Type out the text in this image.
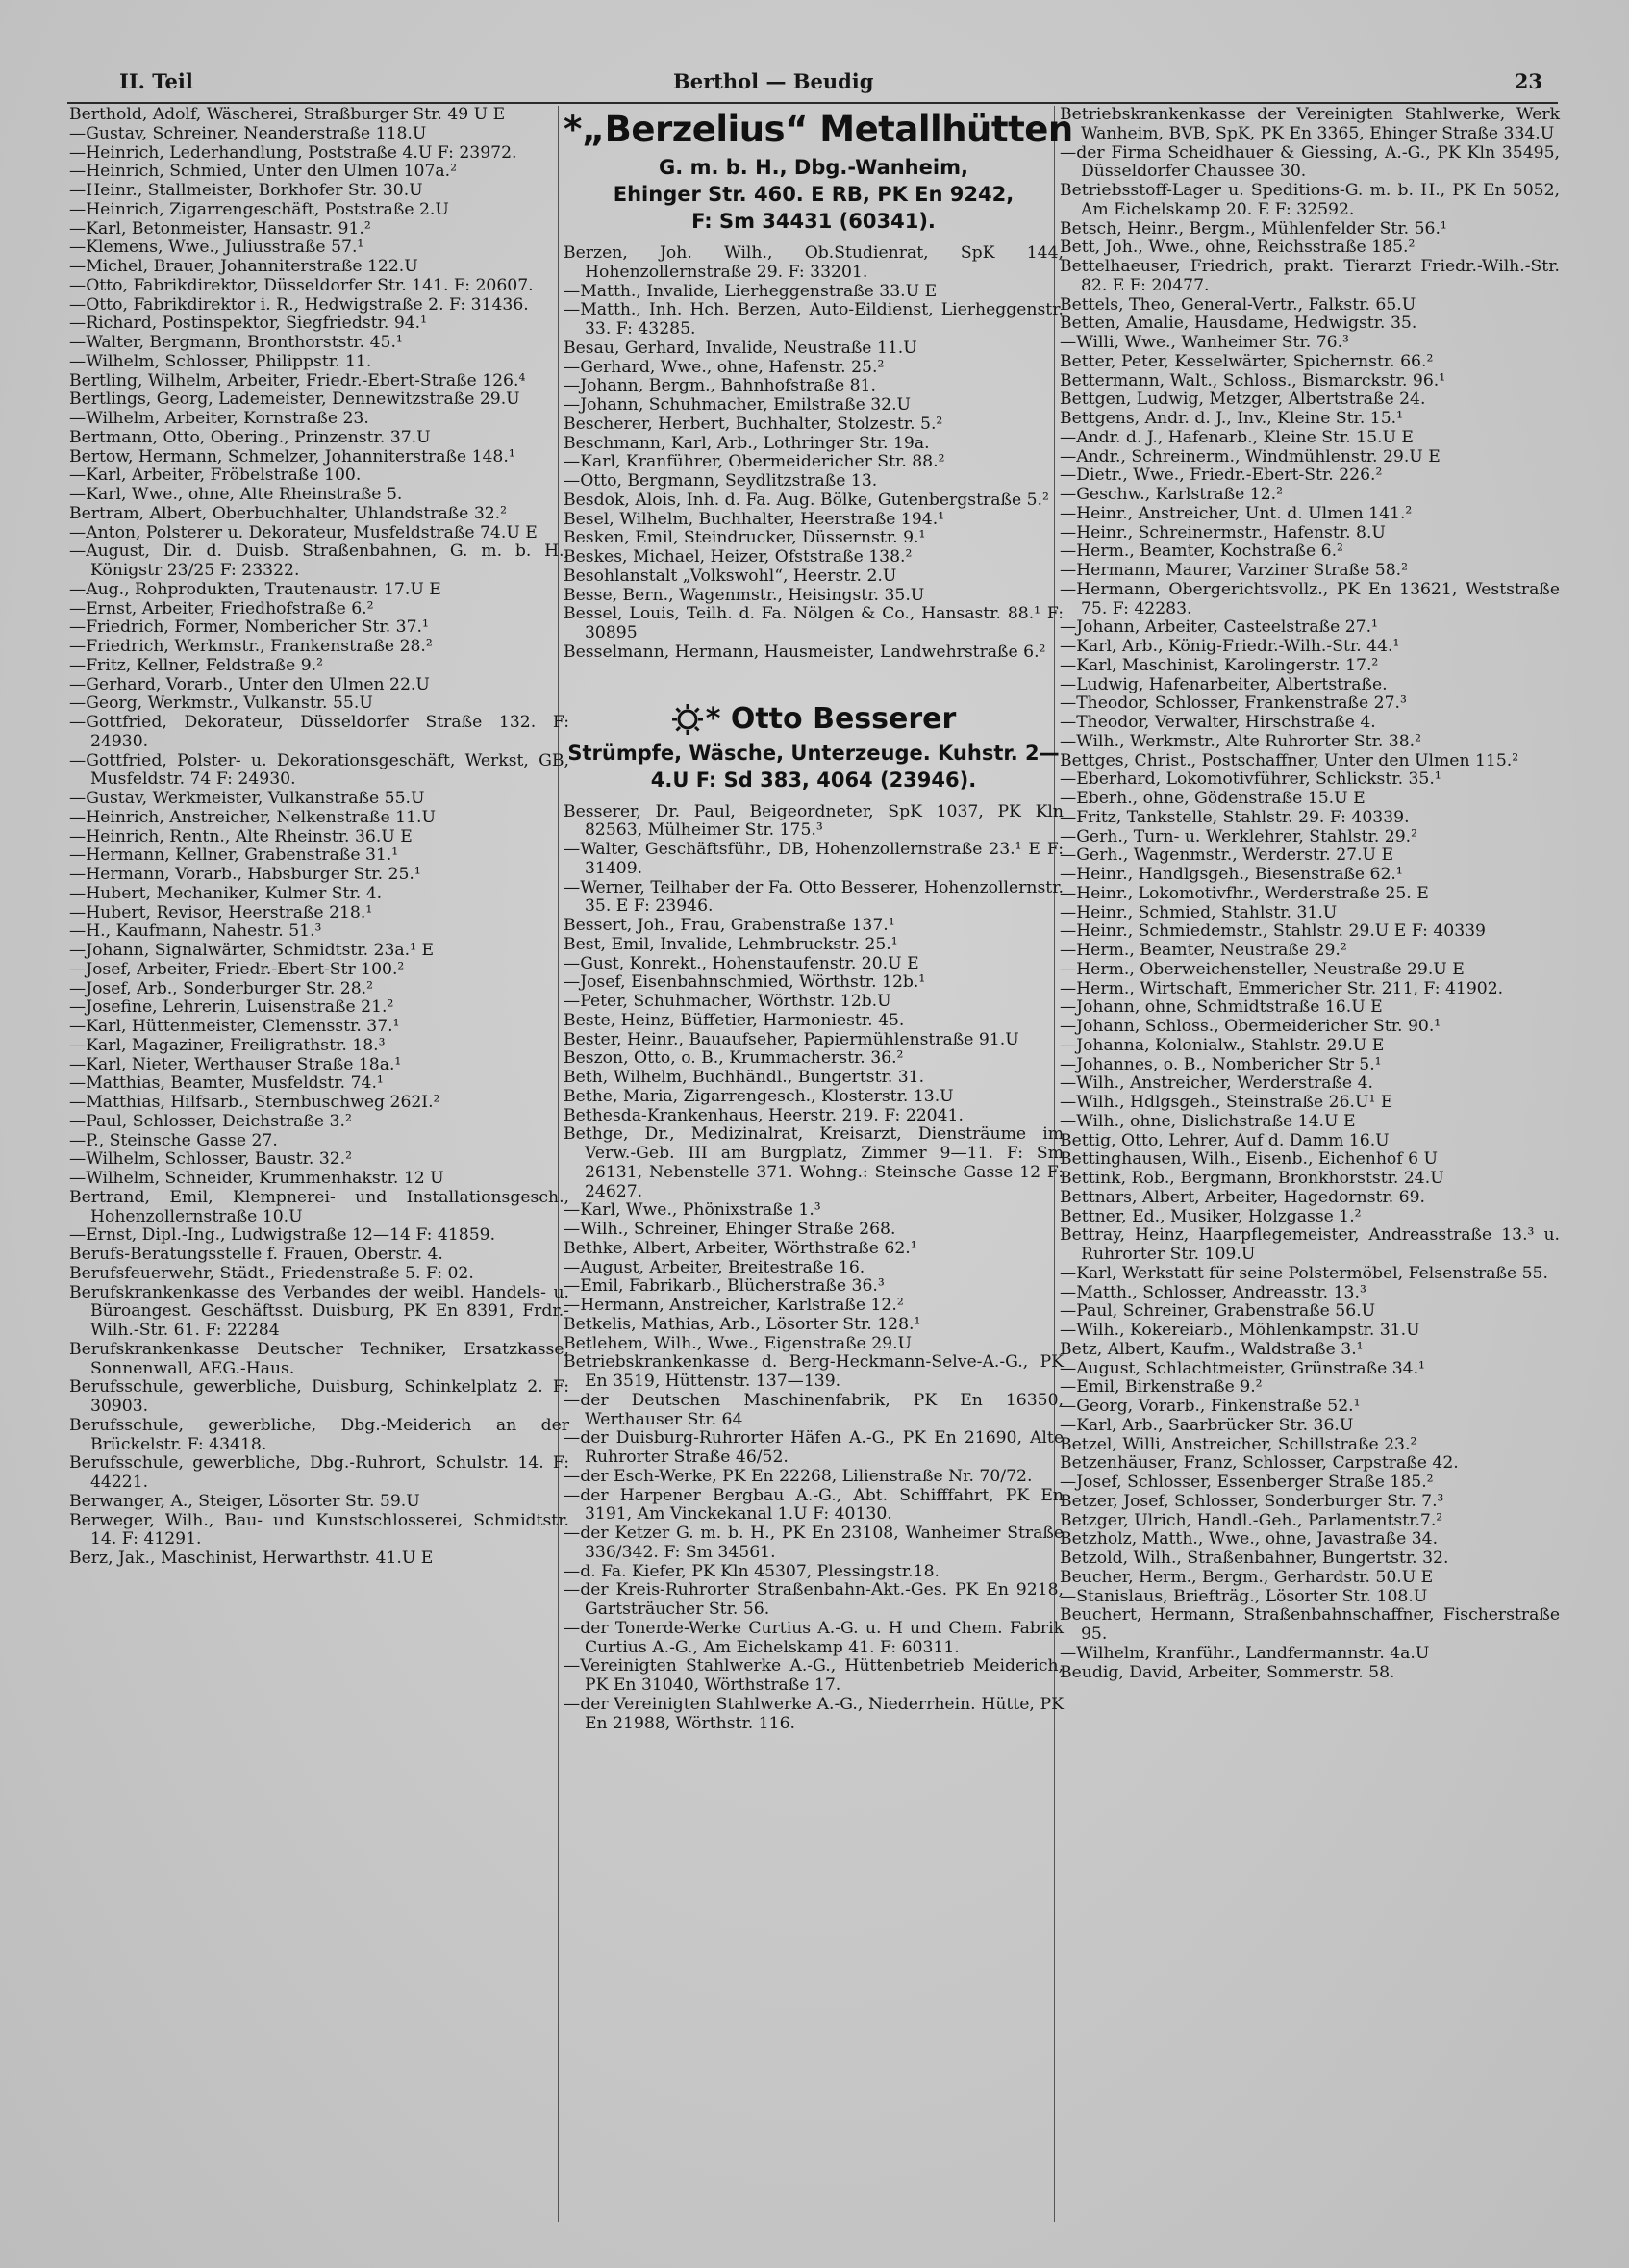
II. Teil	Berthol — Beudig	23

Berthold, Adolf, Wäscherei, Straßburger Str. 49 U E

—Gustav, Schreiner, Neanderstraße 118.U

—Heinrich, Lederhandlung, Poststraße 4.U F: 23972.

—Heinrich, Schmied, Unter den Ulmen 107a.²

—Heinr., Stallmeister, Borkhofer Str. 30.U

—Heinrich, Zigarrengeschäft, Poststraße 2.U

—Karl, Betonmeister, Hansastr. 91.²

—Klemens, Wwe., Juliusstraße 57.¹

—Michel, Brauer, Johanniterstraße 122.U

—Otto, Fabrikdirektor, Düsseldorfer Str. 141. F: 20607.

—Otto, Fabrikdirektor i. R., Hedwigstraße 2. F: 31436.

—Richard, Postinspektor, Siegfriedstr. 94.¹

—Walter, Bergmann, Bronthorststr. 45.¹

—Wilhelm, Schlosser, Philippstr. 11.

Bertling, Wilhelm, Arbeiter, Friedr.-Ebert-Straße 126.⁴

Bertlings, Georg, Lademeister, Dennewitzstraße 29.U

—Wilhelm, Arbeiter, Kornstraße 23.

Bertmann, Otto, Obering., Prinzenstr. 37.U

Bertow, Hermann, Schmelzer, Johanniterstraße 148.¹

—Karl, Arbeiter, Fröbelstraße 100.

—Karl, Wwe., ohne, Alte Rheinstraße 5.

Bertram, Albert, Oberbuchhalter, Uhlandstraße 32.²

—Anton, Polsterer u. Dekorateur, Musfeldstraße 74.U E

—August, Dir. d. Duisb. Straßenbahnen, G. m. b. H., Königstr 23/25 F: 23322.

—Aug., Rohprodukten, Trautenaustr. 17.U E

—Ernst, Arbeiter, Friedhofstraße 6.²

—Friedrich, Former, Nombericher Str. 37.¹

—Friedrich, Werkmstr., Frankenstraße 28.²

—Fritz, Kellner, Feldstraße 9.²

—Gerhard, Vorarb., Unter den Ulmen 22.U

—Georg, Werkmstr., Vulkanstr. 55.U

—Gottfried, Dekorateur, Düsseldorfer Straße 132. F: 24930.

—Gottfried, Polster- u. Dekorationsgeschäft, Werkst, GB, Musfeldstr. 74 F: 24930.

—Gustav, Werkmeister, Vulkanstraße 55.U

—Heinrich, Anstreicher, Nelkenstraße 11.U

—Heinrich, Rentn., Alte Rheinstr. 36.U E

—Hermann, Kellner, Grabenstraße 31.¹

—Hermann, Vorarb., Habsburger Str. 25.¹

—Hubert, Mechaniker, Kulmer Str. 4.

—Hubert, Revisor, Heerstraße 218.¹

—H., Kaufmann, Nahestr. 51.³

—Johann, Signalwärter, Schmidtstr. 23a.¹ E

—Josef, Arbeiter, Friedr.-Ebert-Str 100.²

—Josef, Arb., Sonderburger Str. 28.²

—Josefine, Lehrerin, Luisenstraße 21.²

—Karl, Hüttenmeister, Clemensstr. 37.¹

—Karl, Magaziner, Freiligrathstr. 18.³

—Karl, Nieter, Werthauser Straße 18a.¹

—Matthias, Beamter, Musfeldstr. 74.¹

—Matthias, Hilfsarb., Sternbuschweg 262I.²

—Paul, Schlosser, Deichstraße 3.²

—P., Steinsche Gasse 27.

—Wilhelm, Schlosser, Baustr. 32.²

—Wilhelm, Schneider, Krummenhakstr. 12 U

Bertrand, Emil, Klempnerei- und Installationsgesch., Hohenzollernstraße 10.U

—Ernst, Dipl.-Ing., Ludwigstraße 12—14 F: 41859.

Berufs-Beratungsstelle f. Frauen, Oberstr. 4.

Berufsfeuerwehr, Städt., Friedenstraße 5. F: 02.

Berufskrankenkasse des Verbandes der weibl. Handels- u. Büroangest. Geschäftsst. Duisburg, PK En 8391, Frdr.-Wilh.-Str. 61. F: 22284

Berufskrankenkasse Deutscher Techniker, Ersatzkasse, Sonnenwall, AEG.-Haus.

Berufsschule, gewerbliche, Duisburg, Schinkelplatz 2. F: 30903.

Berufsschule, gewerbliche, Dbg.-Meiderich an der Brückelstr. F: 43418.

Berufsschule, gewerbliche, Dbg.-Ruhrort, Schulstr. 14. F: 44221.

Berwanger, A., Steiger, Lösorter Str. 59.U

Berweger, Wilh., Bau- und Kunstschlosserei, Schmidtstr. 14. F: 41291.

Berz, Jak., Maschinist, Herwarthstr. 41.U E

*„Berzelius“ Metallhütten
G. m. b. H., Dbg.-Wanheim,
Ehinger Str. 460. E RB, PK En 9242,
F: Sm 34431 (60341).

Berzen, Joh. Wilh., Ob.Studienrat, SpK 144, Hohenzollernstraße 29. F: 33201.

—Matth., Invalide, Lierheggenstraße 33.U E

—Matth., Inh. Hch. Berzen, Auto-Eildienst, Lierheggenstr. 33. F: 43285.

Besau, Gerhard, Invalide, Neustraße 11.U

—Gerhard, Wwe., ohne, Hafenstr. 25.²

—Johann, Bergm., Bahnhofstraße 81.

—Johann, Schuhmacher, Emilstraße 32.U

Bescherer, Herbert, Buchhalter, Stolzestr. 5.²

Beschmann, Karl, Arb., Lothringer Str. 19a.

—Karl, Kranführer, Obermeidericher Str. 88.²

—Otto, Bergmann, Seydlitzstraße 13.

Besdok, Alois, Inh. d. Fa. Aug. Bölke, Gutenbergstraße 5.²

Besel, Wilhelm, Buchhalter, Heerstraße 194.¹

Besken, Emil, Steindrucker, Düssernstr. 9.¹

Beskes, Michael, Heizer, Ofststraße 138.²

Besohlanstalt „Volkswohl“, Heerstr. 2.U

Besse, Bern., Wagenmstr., Heisingstr. 35.U

Bessel, Louis, Teilh. d. Fa. Nölgen & Co., Hansastr. 88.¹ F: 30895

Besselmann, Hermann, Hausmeister, Landwehrstraße 6.²

* Otto Besserer
Strümpfe, Wäsche, Unterzeuge. Kuhstr. 2—4.U F: Sd 383, 4064 (23946).

Besserer, Dr. Paul, Beigeordneter, SpK 1037, PK Kln 82563, Mülheimer Str. 175.³

—Walter, Geschäftsführ., DB, Hohenzollernstraße 23.¹ E F: 31409.

—Werner, Teilhaber der Fa. Otto Besserer, Hohenzollernstr. 35. E F: 23946.

Bessert, Joh., Frau, Grabenstraße 137.¹

Best, Emil, Invalide, Lehmbruckstr. 25.¹

—Gust, Konrekt., Hohenstaufenstr. 20.U E

—Josef, Eisenbahnschmied, Wörthstr. 12b.¹

—Peter, Schuhmacher, Wörthstr. 12b.U

Beste, Heinz, Büffetier, Harmoniestr. 45.

Bester, Heinr., Bauaufseher, Papiermühlenstraße 91.U

Beszon, Otto, o. B., Krummacherstr. 36.²

Beth, Wilhelm, Buchhändl., Bungertstr. 31.

Bethe, Maria, Zigarrengesch., Klosterstr. 13.U

Bethesda-Krankenhaus, Heerstr. 219. F: 22041.

Bethge, Dr., Medizinalrat, Kreisarzt, Diensträume im Verw.-Geb. III am Burgplatz, Zimmer 9—11. F: Sm 26131, Nebenstelle 371. Wohng.: Steinsche Gasse 12 F: 24627.

—Karl, Wwe., Phönixstraße 1.³

—Wilh., Schreiner, Ehinger Straße 268.

Bethke, Albert, Arbeiter, Wörthstraße 62.¹

—August, Arbeiter, Breitestraße 16.

—Emil, Fabrikarb., Blücherstraße 36.³

—Hermann, Anstreicher, Karlstraße 12.²

Betkelis, Mathias, Arb., Lösorter Str. 128.¹

Betlehem, Wilh., Wwe., Eigenstraße 29.U

Betriebskrankenkasse d. Berg-Heckmann-Selve-A.-G., PK En 3519, Hüttenstr. 137—139.

—der Deutschen Maschinenfabrik, PK En 16350, Werthauser Str. 64

—der Duisburg-Ruhrorter Häfen A.-G., PK En 21690, Alte Ruhrorter Straße 46/52.

—der Esch-Werke, PK En 22268, Lilienstraße Nr. 70/72.

—der Harpener Bergbau A.-G., Abt. Schifffahrt, PK En 3191, Am Vinckekanal 1.U F: 40130.

—der Ketzer G. m. b. H., PK En 23108, Wanheimer Straße 336/342. F: Sm 34561.

—d. Fa. Kiefer, PK Kln 45307, Plessingstr.18.

—der Kreis-Ruhrorter Straßenbahn-Akt.-Ges. PK En 9218, Gartsträucher Str. 56.

—der Tonerde-Werke Curtius A.-G. u. H und Chem. Fabrik Curtius A.-G., Am Eichelskamp 41. F: 60311.

—Vereinigten Stahlwerke A.-G., Hüttenbetrieb Meiderich, PK En 31040, Wörthstraße 17.

—der Vereinigten Stahlwerke A.-G., Niederrhein. Hütte, PK En 21988, Wörthstr. 116.

Betriebskrankenkasse der Vereinigten Stahlwerke, Werk Wanheim, BVB, SpK, PK En 3365, Ehinger Straße 334.U

—der Firma Scheidhauer & Giessing, A.-G., PK Kln 35495, Düsseldorfer Chaussee 30.

Betriebsstoff-Lager u. Speditions-G. m. b. H., PK En 5052, Am Eichelskamp 20. E F: 32592.

Betsch, Heinr., Bergm., Mühlenfelder Str. 56.¹

Bett, Joh., Wwe., ohne, Reichsstraße 185.²

Bettelhaeuser, Friedrich, prakt. Tierarzt Friedr.-Wilh.-Str. 82. E F: 20477.

Bettels, Theo, General-Vertr., Falkstr. 65.U

Betten, Amalie, Hausdame, Hedwigstr. 35.

—Willi, Wwe., Wanheimer Str. 76.³

Better, Peter, Kesselwärter, Spichernstr. 66.²

Bettermann, Walt., Schloss., Bismarckstr. 96.¹

Bettgen, Ludwig, Metzger, Albertstraße 24.

Bettgens, Andr. d. J., Inv., Kleine Str. 15.¹

—Andr. d. J., Hafenarb., Kleine Str. 15.U E

—Andr., Schreinerm., Windmühlenstr. 29.U E

—Dietr., Wwe., Friedr.-Ebert-Str. 226.²

—Geschw., Karlstraße 12.²

—Heinr., Anstreicher, Unt. d. Ulmen 141.²

—Heinr., Schreinermstr., Hafenstr. 8.U

—Herm., Beamter, Kochstraße 6.²

—Hermann, Maurer, Varziner Straße 58.²

—Hermann, Obergerichtsvollz., PK En 13621, Weststraße 75. F: 42283.

—Johann, Arbeiter, Casteelstraße 27.¹

—Karl, Arb., König-Friedr.-Wilh.-Str. 44.¹

—Karl, Maschinist, Karolingerstr. 17.²

—Ludwig, Hafenarbeiter, Albertstraße.

—Theodor, Schlosser, Frankenstraße 27.³

—Theodor, Verwalter, Hirschstraße 4.

—Wilh., Werkmstr., Alte Ruhrorter Str. 38.²

Bettges, Christ., Postschaffner, Unter den Ulmen 115.²

—Eberhard, Lokomotivführer, Schlickstr. 35.¹

—Eberh., ohne, Gödenstraße 15.U E

—Fritz, Tankstelle, Stahlstr. 29. F: 40339.

—Gerh., Turn- u. Werklehrer, Stahlstr. 29.²

—Gerh., Wagenmstr., Werderstr. 27.U E

—Heinr., Handlgsgeh., Biesenstraße 62.¹

—Heinr., Lokomotivfhr., Werderstraße 25. E

—Heinr., Schmied, Stahlstr. 31.U

—Heinr., Schmiedemstr., Stahlstr. 29.U E F: 40339

—Herm., Beamter, Neustraße 29.²

—Herm., Oberweichensteller, Neustraße 29.U E

—Herm., Wirtschaft, Emmericher Str. 211, F: 41902.

—Johann, ohne, Schmidtstraße 16.U E

—Johann, Schloss., Obermeidericher Str. 90.¹

—Johanna, Kolonialw., Stahlstr. 29.U E

—Johannes, o. B., Nombericher Str 5.¹

—Wilh., Anstreicher, Werderstraße 4.

—Wilh., Hdlgsgeh., Steinstraße 26.U¹ E

—Wilh., ohne, Dislichstraße 14.U E

Bettig, Otto, Lehrer, Auf d. Damm 16.U

Bettinghausen, Wilh., Eisenb., Eichenhof 6 U

Bettink, Rob., Bergmann, Bronkhorststr. 24.U

Bettnars, Albert, Arbeiter, Hagedornstr. 69.

Bettner, Ed., Musiker, Holzgasse 1.²

Bettray, Heinz, Haarpflegemeister, Andreasstraße 13.³ u. Ruhrorter Str. 109.U

—Karl, Werkstatt für seine Polstermöbel, Felsenstraße 55.

—Matth., Schlosser, Andreasstr. 13.³

—Paul, Schreiner, Grabenstraße 56.U

—Wilh., Kokereiarb., Möhlenkampstr. 31.U

Betz, Albert, Kaufm., Waldstraße 3.¹

—August, Schlachtmeister, Grünstraße 34.¹

—Emil, Birkenstraße 9.²

—Georg, Vorarb., Finkenstraße 52.¹

—Karl, Arb., Saarbrücker Str. 36.U

Betzel, Willi, Anstreicher, Schillstraße 23.²

Betzenhäuser, Franz, Schlosser, Carpstraße 42.

—Josef, Schlosser, Essenberger Straße 185.²

Betzer, Josef, Schlosser, Sonderburger Str. 7.³

Betzger, Ulrich, Handl.-Geh., Parlamentstr.7.²

Betzholz, Matth., Wwe., ohne, Javastraße 34.

Betzold, Wilh., Straßenbahner, Bungertstr. 32.

Beucher, Herm., Bergm., Gerhardstr. 50.U E

—Stanislaus, Briefträg., Lösorter Str. 108.U

Beuchert, Hermann, Straßenbahnschaffner, Fischerstraße 95.

—Wilhelm, Kranführ., Landfermannstr. 4a.U

Beudig, David, Arbeiter, Sommerstr. 58.
